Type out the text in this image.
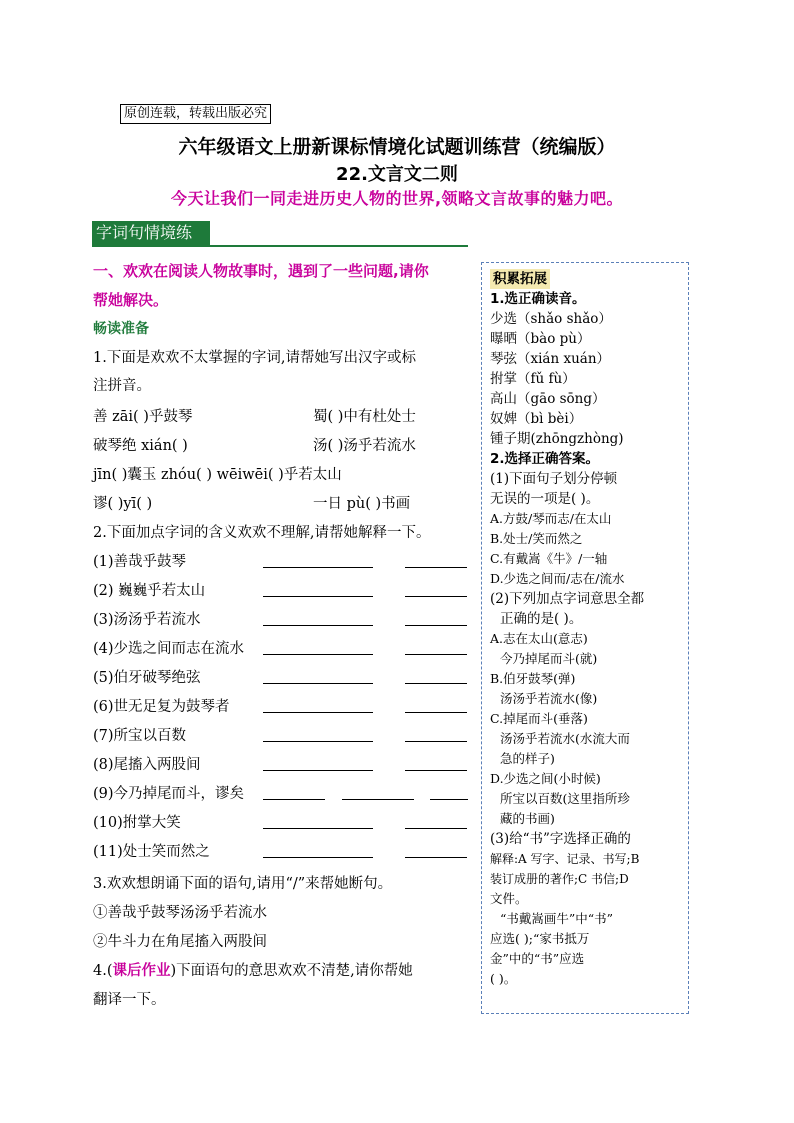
原创连载，转载出版必究
六年级语文上册新课标情境化试题训练营（统编版）
22.文言文二则
今天让我们一同走进历史人物的世界,领略文言故事的魅力吧。
字词句情境练
一、欢欢在阅读人物故事时，遇到了一些问题,请你
帮她解决。
畅读准备
1.下面是欢欢不太掌握的字词,请帮她写出汉字或标
注拼音。
善 zāi( )乎鼓琴	蜀( )中有杜处士
破琴绝 xián( )	汤( )汤乎若流水
jīn( )囊玉 zhóu( ) wēiwēi( )乎若太山
谬( )yī( )	一日 pù( )书画
2.下面加点字词的含义欢欢不理解,请帮她解释一下。
(1)善哉乎鼓琴
(2) 巍巍乎若太山
(3)汤汤乎若流水
(4)少选之间而志在流水
(5)伯牙破琴绝弦
(6)世无足复为鼓琴者
(7)所宝以百数
(8)尾搐入两股间
(9)今乃掉尾而斗，谬矣
(10)拊掌大笑
(11)处士笑而然之
3.欢欢想朗诵下面的语句,请用“/”来帮她断句。
①善哉乎鼓琴汤汤乎若流水
②牛斗力在角尾搐入两股间
4.(课后作业)下面语句的意思欢欢不清楚,请你帮她
翻译一下。
积累拓展
1.选正确读音。
少选（shǎo shǎo）
曝晒（bào pù）
琴弦（xián xuán）
拊掌（fǔ fù）
高山（gāo sōng）
奴婢（bì bèi）
锺子期(zhōngzhòng)
2.选择正确答案。
(1)下面句子划分停顿
无误的一项是( )。
A.方鼓/琴而志/在太山
B.处士/笑而然之
C.有戴嵩《牛》/一轴
D.少选之间而/志在/流水
(2)下列加点字词意思全都
正确的是( )。
A.志在太山(意志)
今乃掉尾而斗(就)
B.伯牙鼓琴(弹)
汤汤乎若流水(像)
C.掉尾而斗(垂落)
汤汤乎若流水(水流大而
急的样子)
D.少选之间(小时候)
所宝以百数(这里指所珍
藏的书画)
(3)给“书”字选择正确的
解释:A 写字、记录、书写;B
装订成册的著作;C 书信;D
文件。
“书戴嵩画牛”中“书”
应选( );“家书抵万
金”中的“书”应选
( )。
